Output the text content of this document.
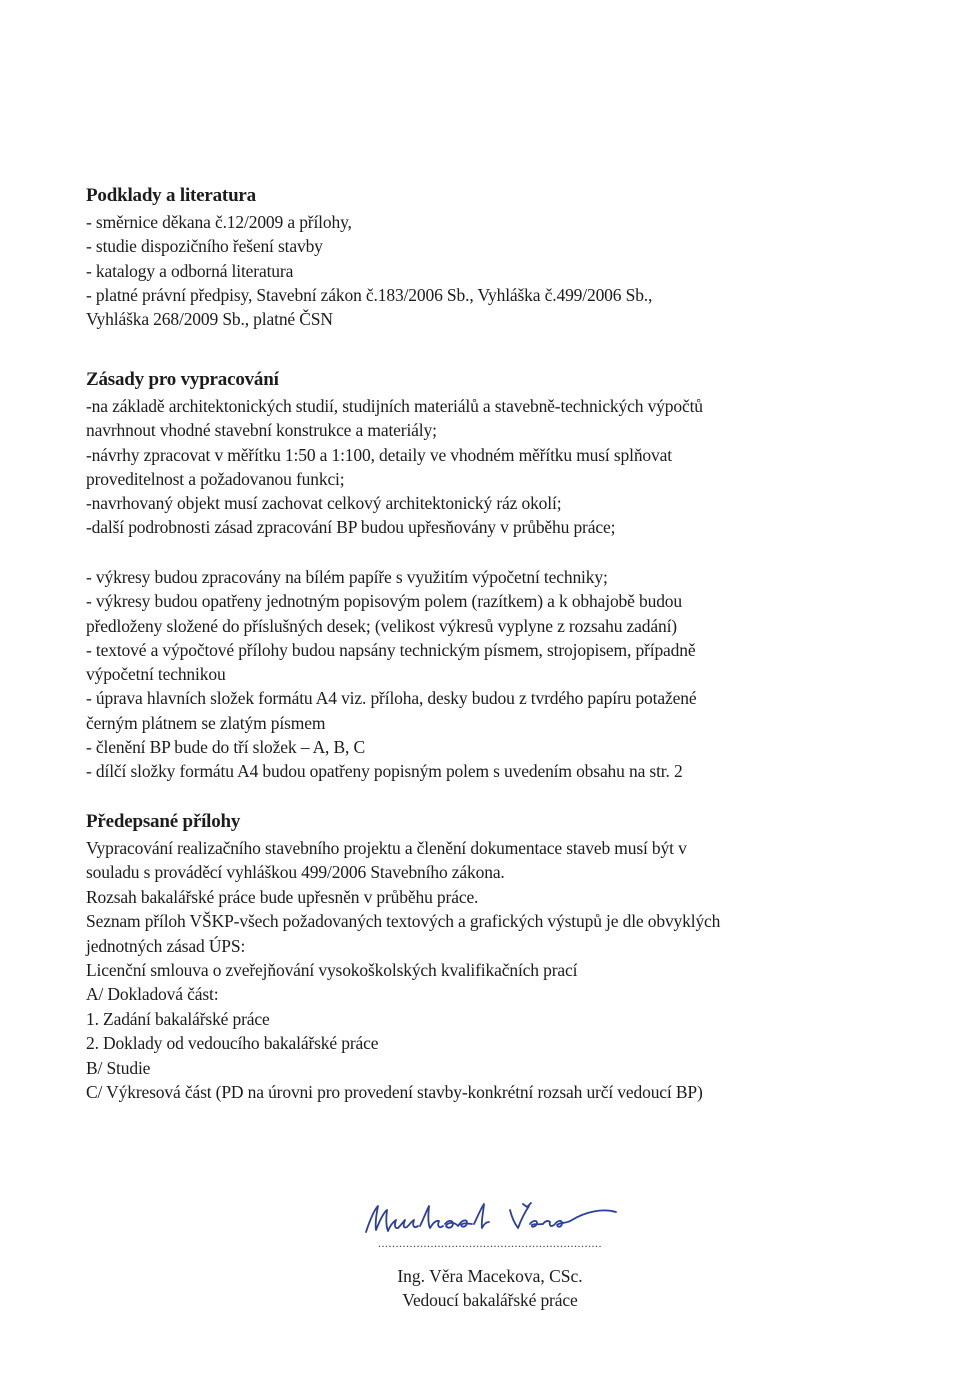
Podklady a literatura
- směrnice děkana č.12/2009 a přílohy,
- studie dispozičního řešení stavby
- katalogy a odborná literatura
- platné právní předpisy, Stavební zákon č.183/2006 Sb., Vyhláška č.499/2006 Sb.,
Vyhláška 268/2009 Sb., platné ČSN
Zásady pro vypracování
-na základě architektonických studií, studijních materiálů a stavebně-technických výpočtů
navrhnout vhodné stavební konstrukce a materiály;
-návrhy zpracovat v měřítku 1:50 a 1:100, detaily ve vhodném měřítku musí splňovat
proveditelnost a požadovanou funkci;
-navrhovaný objekt musí zachovat celkový architektonický ráz okolí;
-další podrobnosti zásad zpracování BP budou upřesňovány v průběhu práce;
- výkresy budou zpracovány na bílém papíře s využitím výpočetní techniky;
- výkresy budou opatřeny jednotným popisovým polem (razítkem) a k obhajobě budou
předloženy složené do příslušných desek; (velikost výkresů vyplyne z rozsahu zadání)
- textové a výpočtové přílohy budou napsány technickým písmem, strojopisem, případně
výpočetní technikou
- úprava hlavních složek formátu A4 viz. příloha, desky budou z tvrdého papíru potažené
černým plátnem se zlatým písmem
- členění BP bude do tří složek – A, B, C
- dílčí složky formátu A4 budou opatřeny popisným polem s uvedením obsahu na str. 2
Předepsané přílohy
Vypracování realizačního stavebního projektu a členění dokumentace staveb musí být v
souladu s prováděcí vyhláškou 499/2006 Stavebního zákona.
Rozsah bakalářské práce bude upřesněn v průběhu práce.
Seznam příloh VŠKP-všech požadovaných textových a grafických výstupů je dle obvyklých
jednotných zásad ÚPS:
Licenční smlouva o zveřejňování vysokoškolských kvalifikačních prací
A/ Dokladová část:
1. Zadání bakalářské práce
2. Doklady od vedoucího bakalářské práce
B/ Studie
C/ Výkresová část (PD na úrovni pro provedení stavby-konkrétní rozsah určí vedoucí BP)
................................................................
Ing. Věra Macekova, CSc.
Vedoucí bakalářské práce
